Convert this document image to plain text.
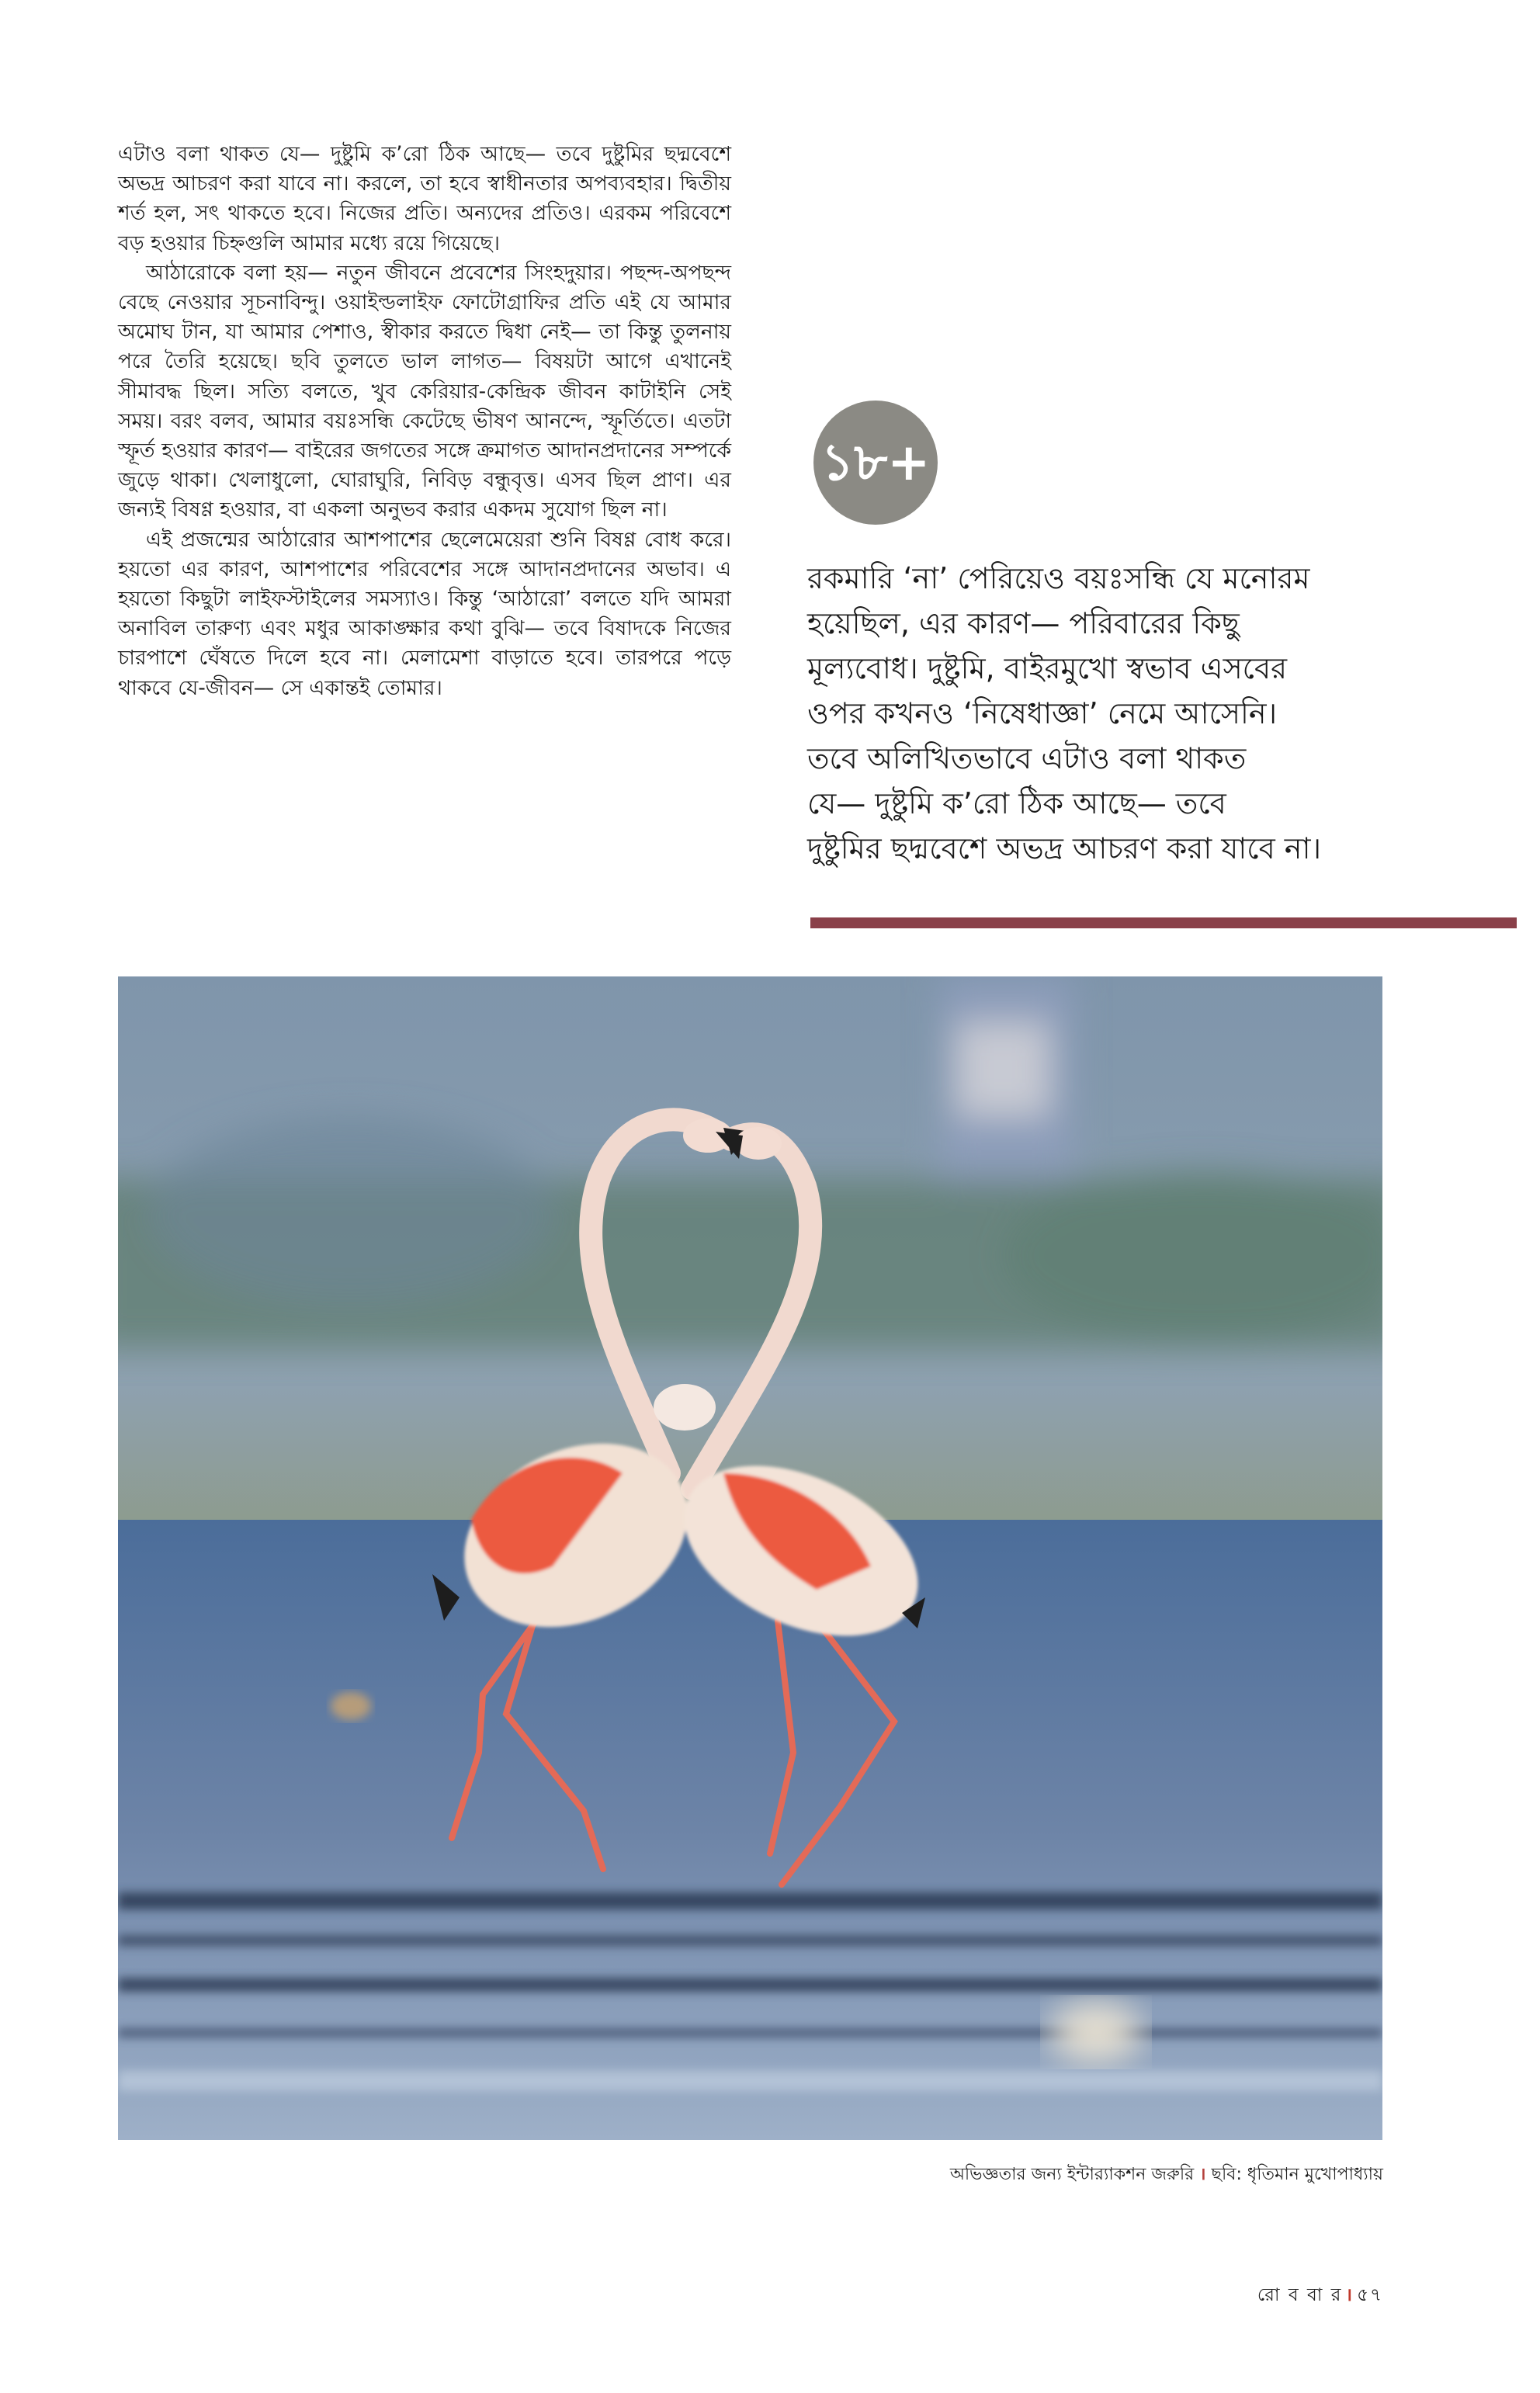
এটাও বলা থাকত যে— দুষ্টুমি ক’রো ঠিক আছে— তবে দুষ্টুমির ছদ্মবেশে অভদ্র আচরণ করা যাবে না। করলে, তা হবে স্বাধীনতার অপব্যবহার। দ্বিতীয় শর্ত হল, সৎ থাকতে হবে। নিজের প্রতি। অন্যদের প্রতিও। এরকম পরিবেশে বড় হওয়ার চিহ্নগুলি আমার মধ্যে রয়ে গিয়েছে।

আঠারোকে বলা হয়— নতুন জীবনে প্রবেশের সিংহদুয়ার। পছন্দ-অপছন্দ বেছে নেওয়ার সূচনাবিন্দু। ওয়াইল্ডলাইফ ফোটোগ্রাফির প্রতি এই যে আমার অমোঘ টান, যা আমার পেশাও, স্বীকার করতে দ্বিধা নেই— তা কিন্তু তুলনায় পরে তৈরি হয়েছে। ছবি তুলতে ভাল লাগত— বিষয়টা আগে এখানেই সীমাবদ্ধ ছিল। সত্যি বলতে, খুব কেরিয়ার-কেন্দ্রিক জীবন কাটাইনি সেই সময়। বরং বলব, আমার বয়ঃসন্ধি কেটেছে ভীষণ আনন্দে, স্ফূর্তিতে। এতটা স্ফূর্ত হওয়ার কারণ— বাইরের জগতের সঙ্গে ক্রমাগত আদানপ্রদানের সম্পর্কে জুড়ে থাকা। খেলাধুলো, ঘোরাঘুরি, নিবিড় বন্ধুবৃত্ত। এসব ছিল প্রাণ। এর জন্যই বিষণ্ণ হওয়ার, বা একলা অনুভব করার একদম সুযোগ ছিল না।

এই প্রজন্মের আঠারোর আশপাশের ছেলেমেয়েরা শুনি বিষণ্ণ বোধ করে। হয়তো এর কারণ, আশপাশের পরিবেশের সঙ্গে আদানপ্রদানের অভাব। এ হয়তো কিছুটা লাইফস্টাইলের সমস্যাও। কিন্তু ‘আঠারো’ বলতে যদি আমরা অনাবিল তারুণ্য এবং মধুর আকাঙ্ক্ষার কথা বুঝি— তবে বিষাদকে নিজের চারপাশে ঘেঁষতে দিলে হবে না। মেলামেশা বাড়াতে হবে। তারপরে পড়ে থাকবে যে-জীবন— সে একান্তই তোমার।

১৮+

রকমারি ‘না’ পেরিয়েও বয়ঃসন্ধি যে মনোরম

হয়েছিল, এর কারণ— পরিবারের কিছু

মূল্যবোধ। দুষ্টুমি, বাইরমুখো স্বভাব এসবের

ওপর কখনও ‘নিষেধাজ্ঞা’ নেমে আসেনি।

তবে অলিখিতভাবে এটাও বলা থাকত

যে— দুষ্টুমি ক’রো ঠিক আছে— তবে

দুষ্টুমির ছদ্মবেশে অভদ্র আচরণ করা যাবে না।

অভিজ্ঞতার জন্য ইন্টার‍্যাকশন জরুরি । ছবি: ধৃতিমান মুখোপাধ্যায়
রো ব বা র । ৫৭
